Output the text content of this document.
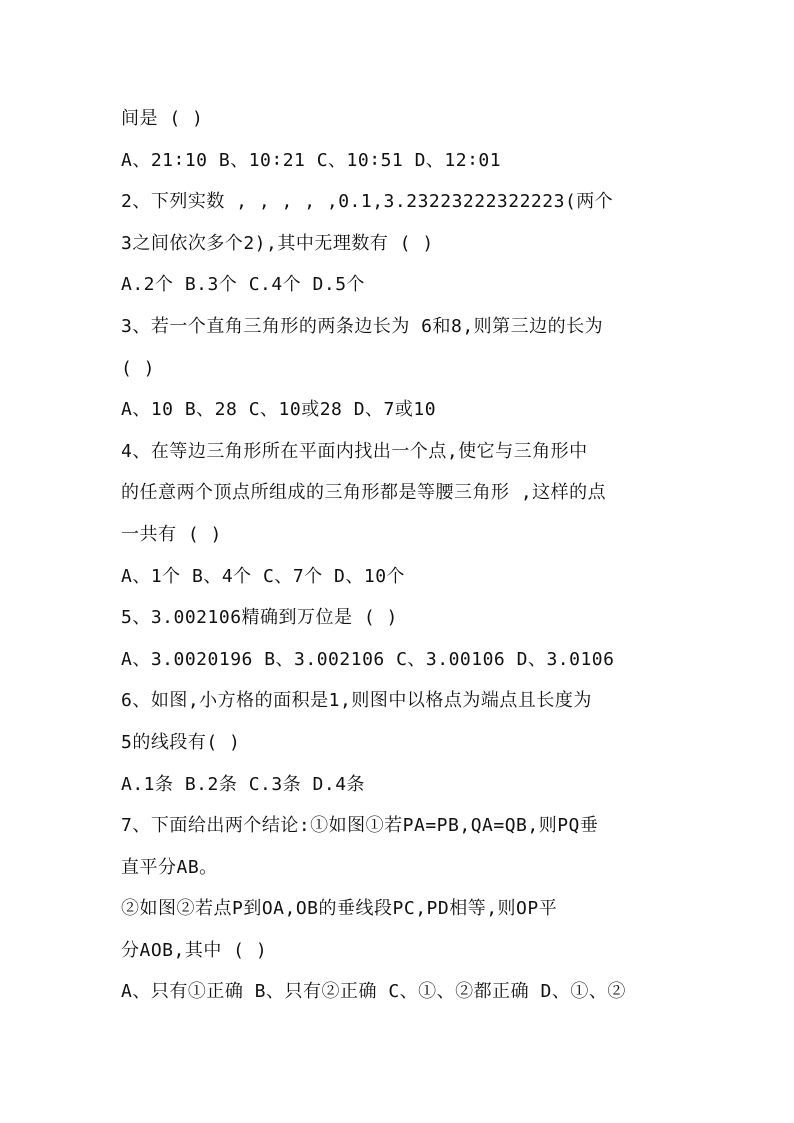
间是 ( )
A、21∶10 B、10∶21 C、10∶51 D、12∶01
2、下列实数 , , , , ,0.1,3.23223222322223(两个
3之间依次多个2),其中无理数有 ( )
A.2个 B.3个 C.4个 D.5个
3、若一个直角三角形的两条边长为 6和8,则第三边的长为
( )
A、10 B、28 C、10或28 D、7或10
4、在等边三角形所在平面内找出一个点,使它与三角形中
的任意两个顶点所组成的三角形都是等腰三角形 ,这样的点
一共有 ( )
A、1个 B、4个 C、7个 D、10个
5、3.002106精确到万位是 ( )
A、3.0020196 B、3.002106 C、3.00106 D、3.0106
6、如图,小方格的面积是1,则图中以格点为端点且长度为
5的线段有( )
A.1条 B.2条 C.3条 D.4条
7、下面给出两个结论:①如图①若PA=PB,QA=QB,则PQ垂
直平分AB。
②如图②若点P到OA,OB的垂线段PC,PD相等,则OP平
分AOB,其中 ( )
A、只有①正确 B、只有②正确 C、①、②都正确 D、①、②
